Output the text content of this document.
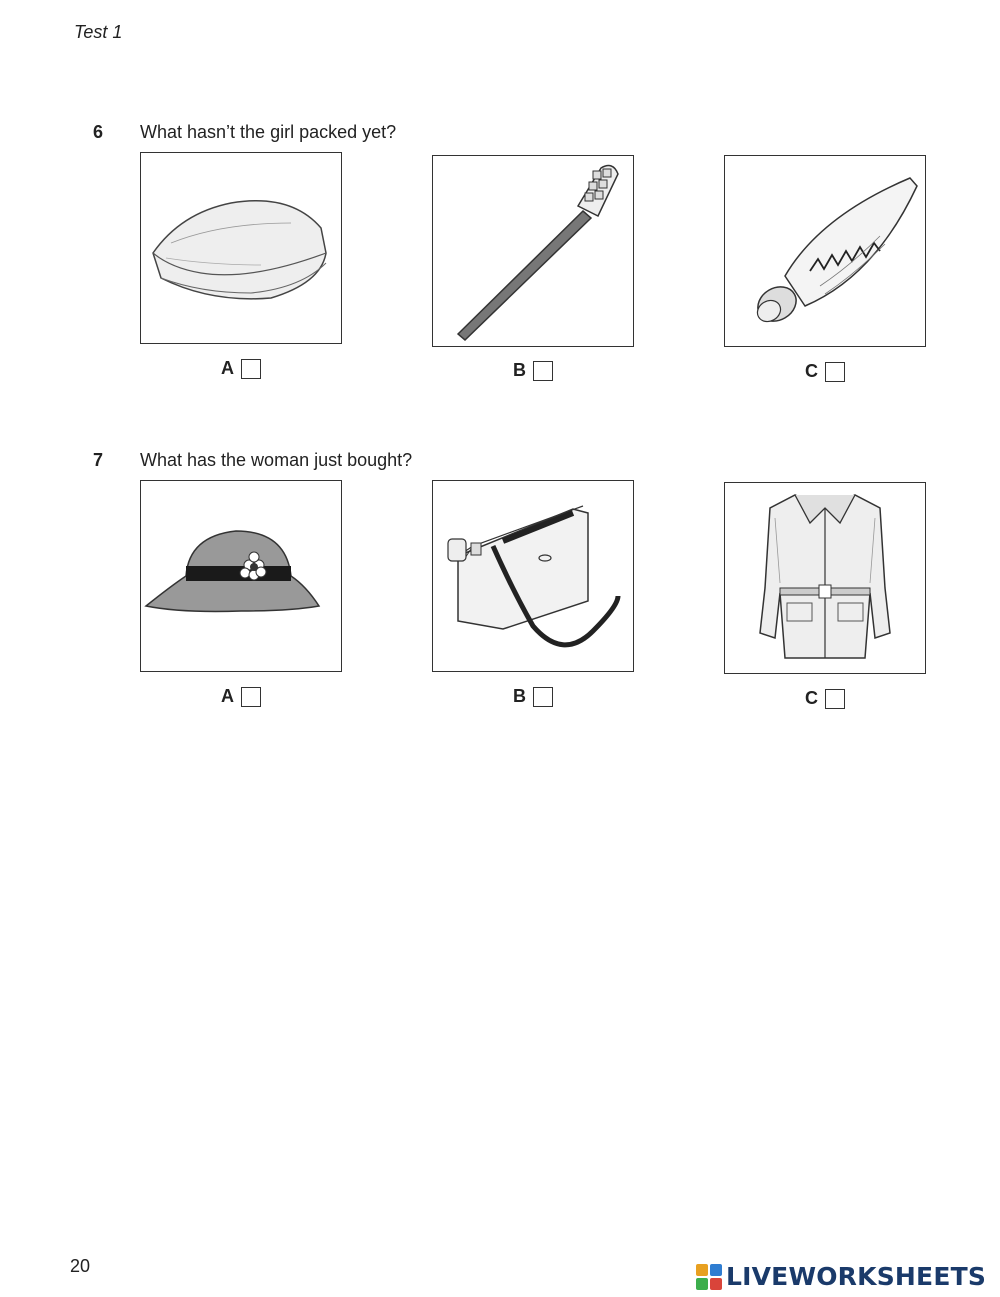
Test 1
6 What hasn’t the girl packed yet?
A	B	C
7 What has the woman just bought?
A	B	C
20	LIVEWORKSHEETS
